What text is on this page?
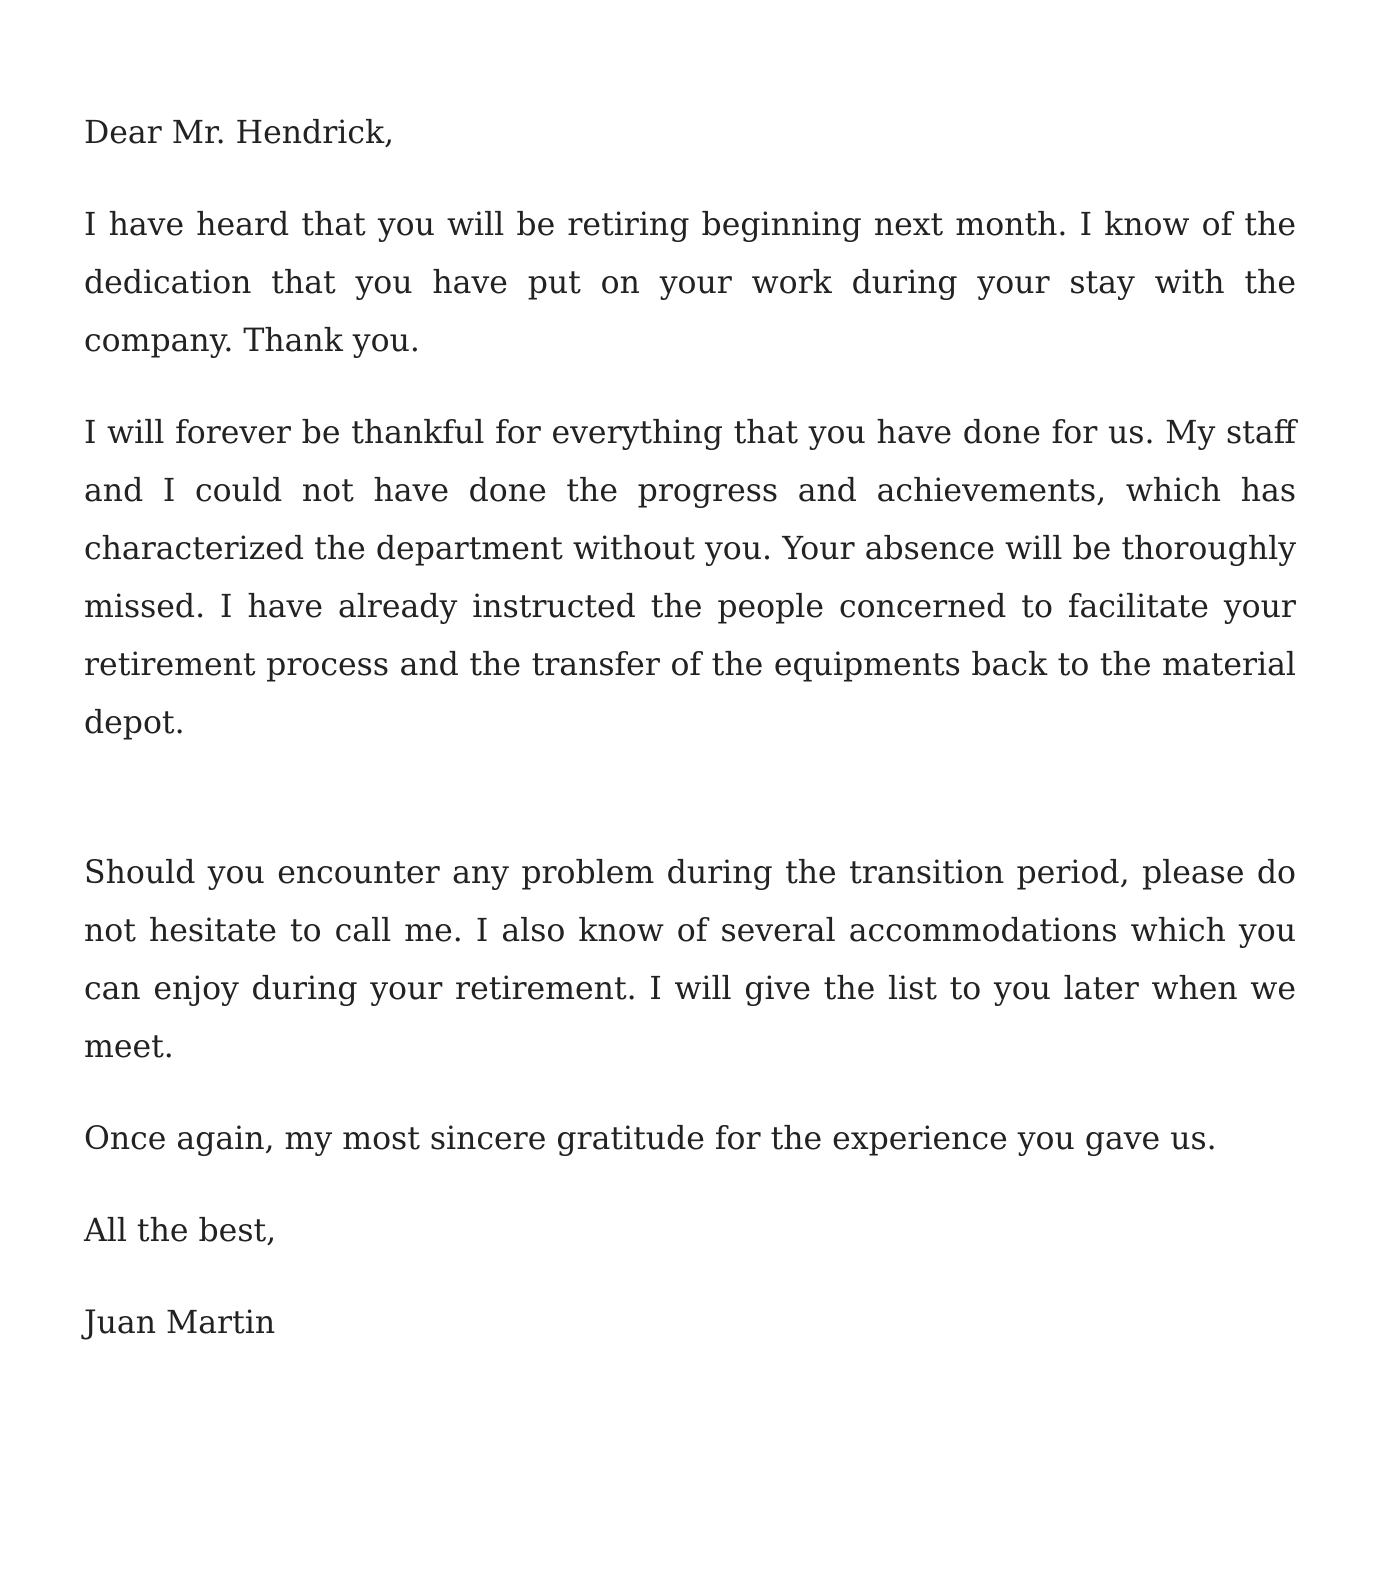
Dear Mr. Hendrick,

I have heard that you will be retiring beginning next month. I know of the dedication that you have put on your work during your stay with the company. Thank you.

I will forever be thankful for everything that you have done for us. My staff and I could not have done the progress and achievements, which has characterized the department without you. Your absence will be thoroughly missed. I have already instructed the people concerned to facilitate your retirement process and the transfer of the equipments back to the material depot.

Should you encounter any problem during the transition period, please do not hesitate to call me. I also know of several accommodations which you can enjoy during your retirement. I will give the list to you later when we meet.

Once again, my most sincere gratitude for the experience you gave us.

All the best,

Juan Martin
